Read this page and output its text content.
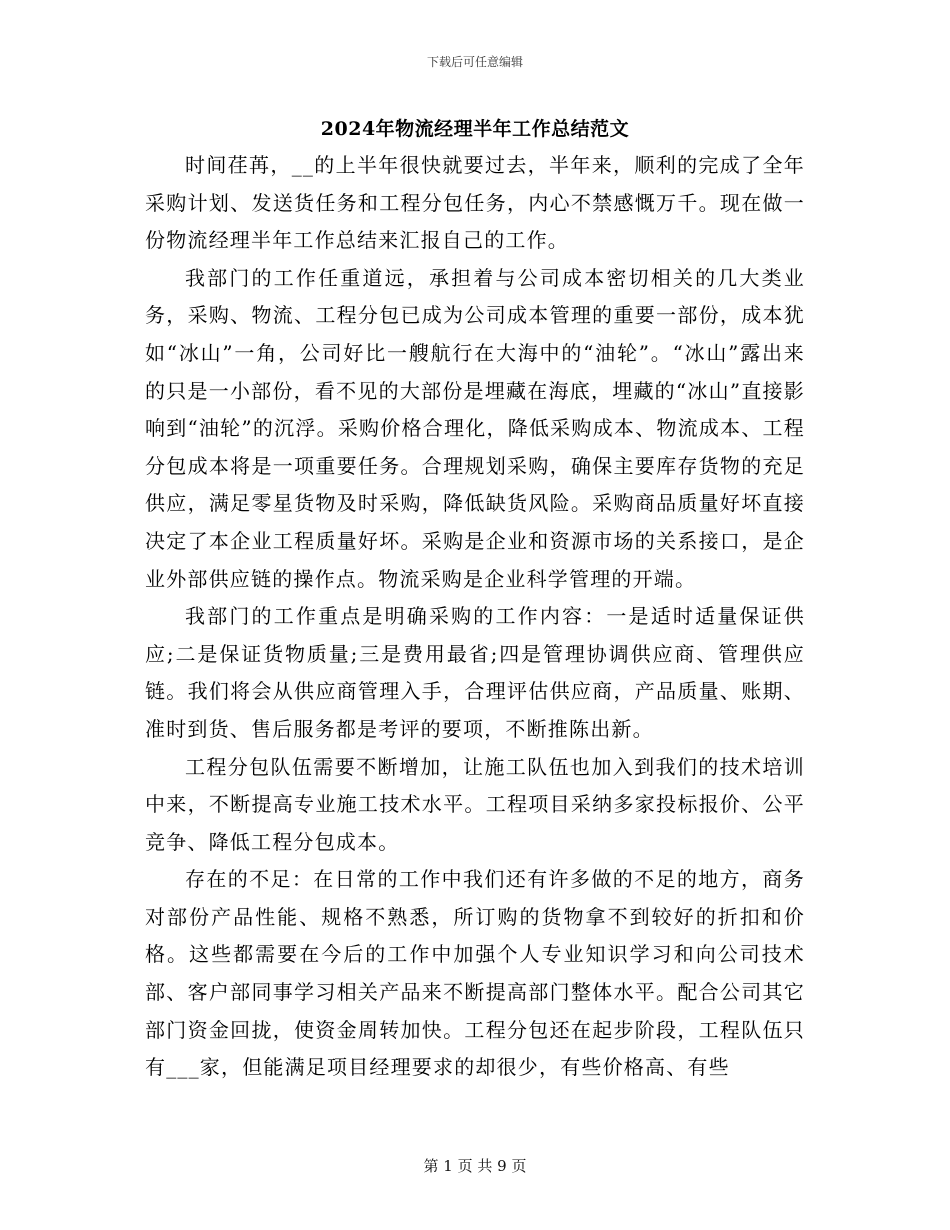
下载后可任意编辑
2024年物流经理半年工作总结范文

时间荏苒，__的上半年很快就要过去，半年来，顺利的完成了全年采购计划、发送货任务和工程分包任务，内心不禁感慨万千。现在做一份物流经理半年工作总结来汇报自己的工作。

我部门的工作任重道远，承担着与公司成本密切相关的几大类业务，采购、物流、工程分包已成为公司成本管理的重要一部份，成本犹如“冰山”一角，公司好比一艘航行在大海中的“油轮”。“冰山”露出来的只是一小部份，看不见的大部份是埋藏在海底，埋藏的“冰山”直接影响到“油轮”的沉浮。采购价格合理化，降低采购成本、物流成本、工程分包成本将是一项重要任务。合理规划采购，确保主要库存货物的充足供应，满足零星货物及时采购，降低缺货风险。采购商品质量好坏直接决定了本企业工程质量好坏。采购是企业和资源市场的关系接口，是企业外部供应链的操作点。物流采购是企业科学管理的开端。

我部门的工作重点是明确采购的工作内容：一是适时适量保证供应;二是保证货物质量;三是费用最省;四是管理协调供应商、管理供应链。我们将会从供应商管理入手，合理评估供应商，产品质量、账期、准时到货、售后服务都是考评的要项，不断推陈出新。

工程分包队伍需要不断增加，让施工队伍也加入到我们的技术培训中来，不断提高专业施工技术水平。工程项目采纳多家投标报价、公平竞争、降低工程分包成本。

存在的不足：在日常的工作中我们还有许多做的不足的地方，商务对部份产品性能、规格不熟悉，所订购的货物拿不到较好的折扣和价格。这些都需要在今后的工作中加强个人专业知识学习和向公司技术部、客户部同事学习相关产品来不断提高部门整体水平。配合公司其它部门资金回拢，使资金周转加快。工程分包还在起步阶段，工程队伍只有___家，但能满足项目经理要求的却很少，有些价格高、有些

第 1 页 共 9 页
